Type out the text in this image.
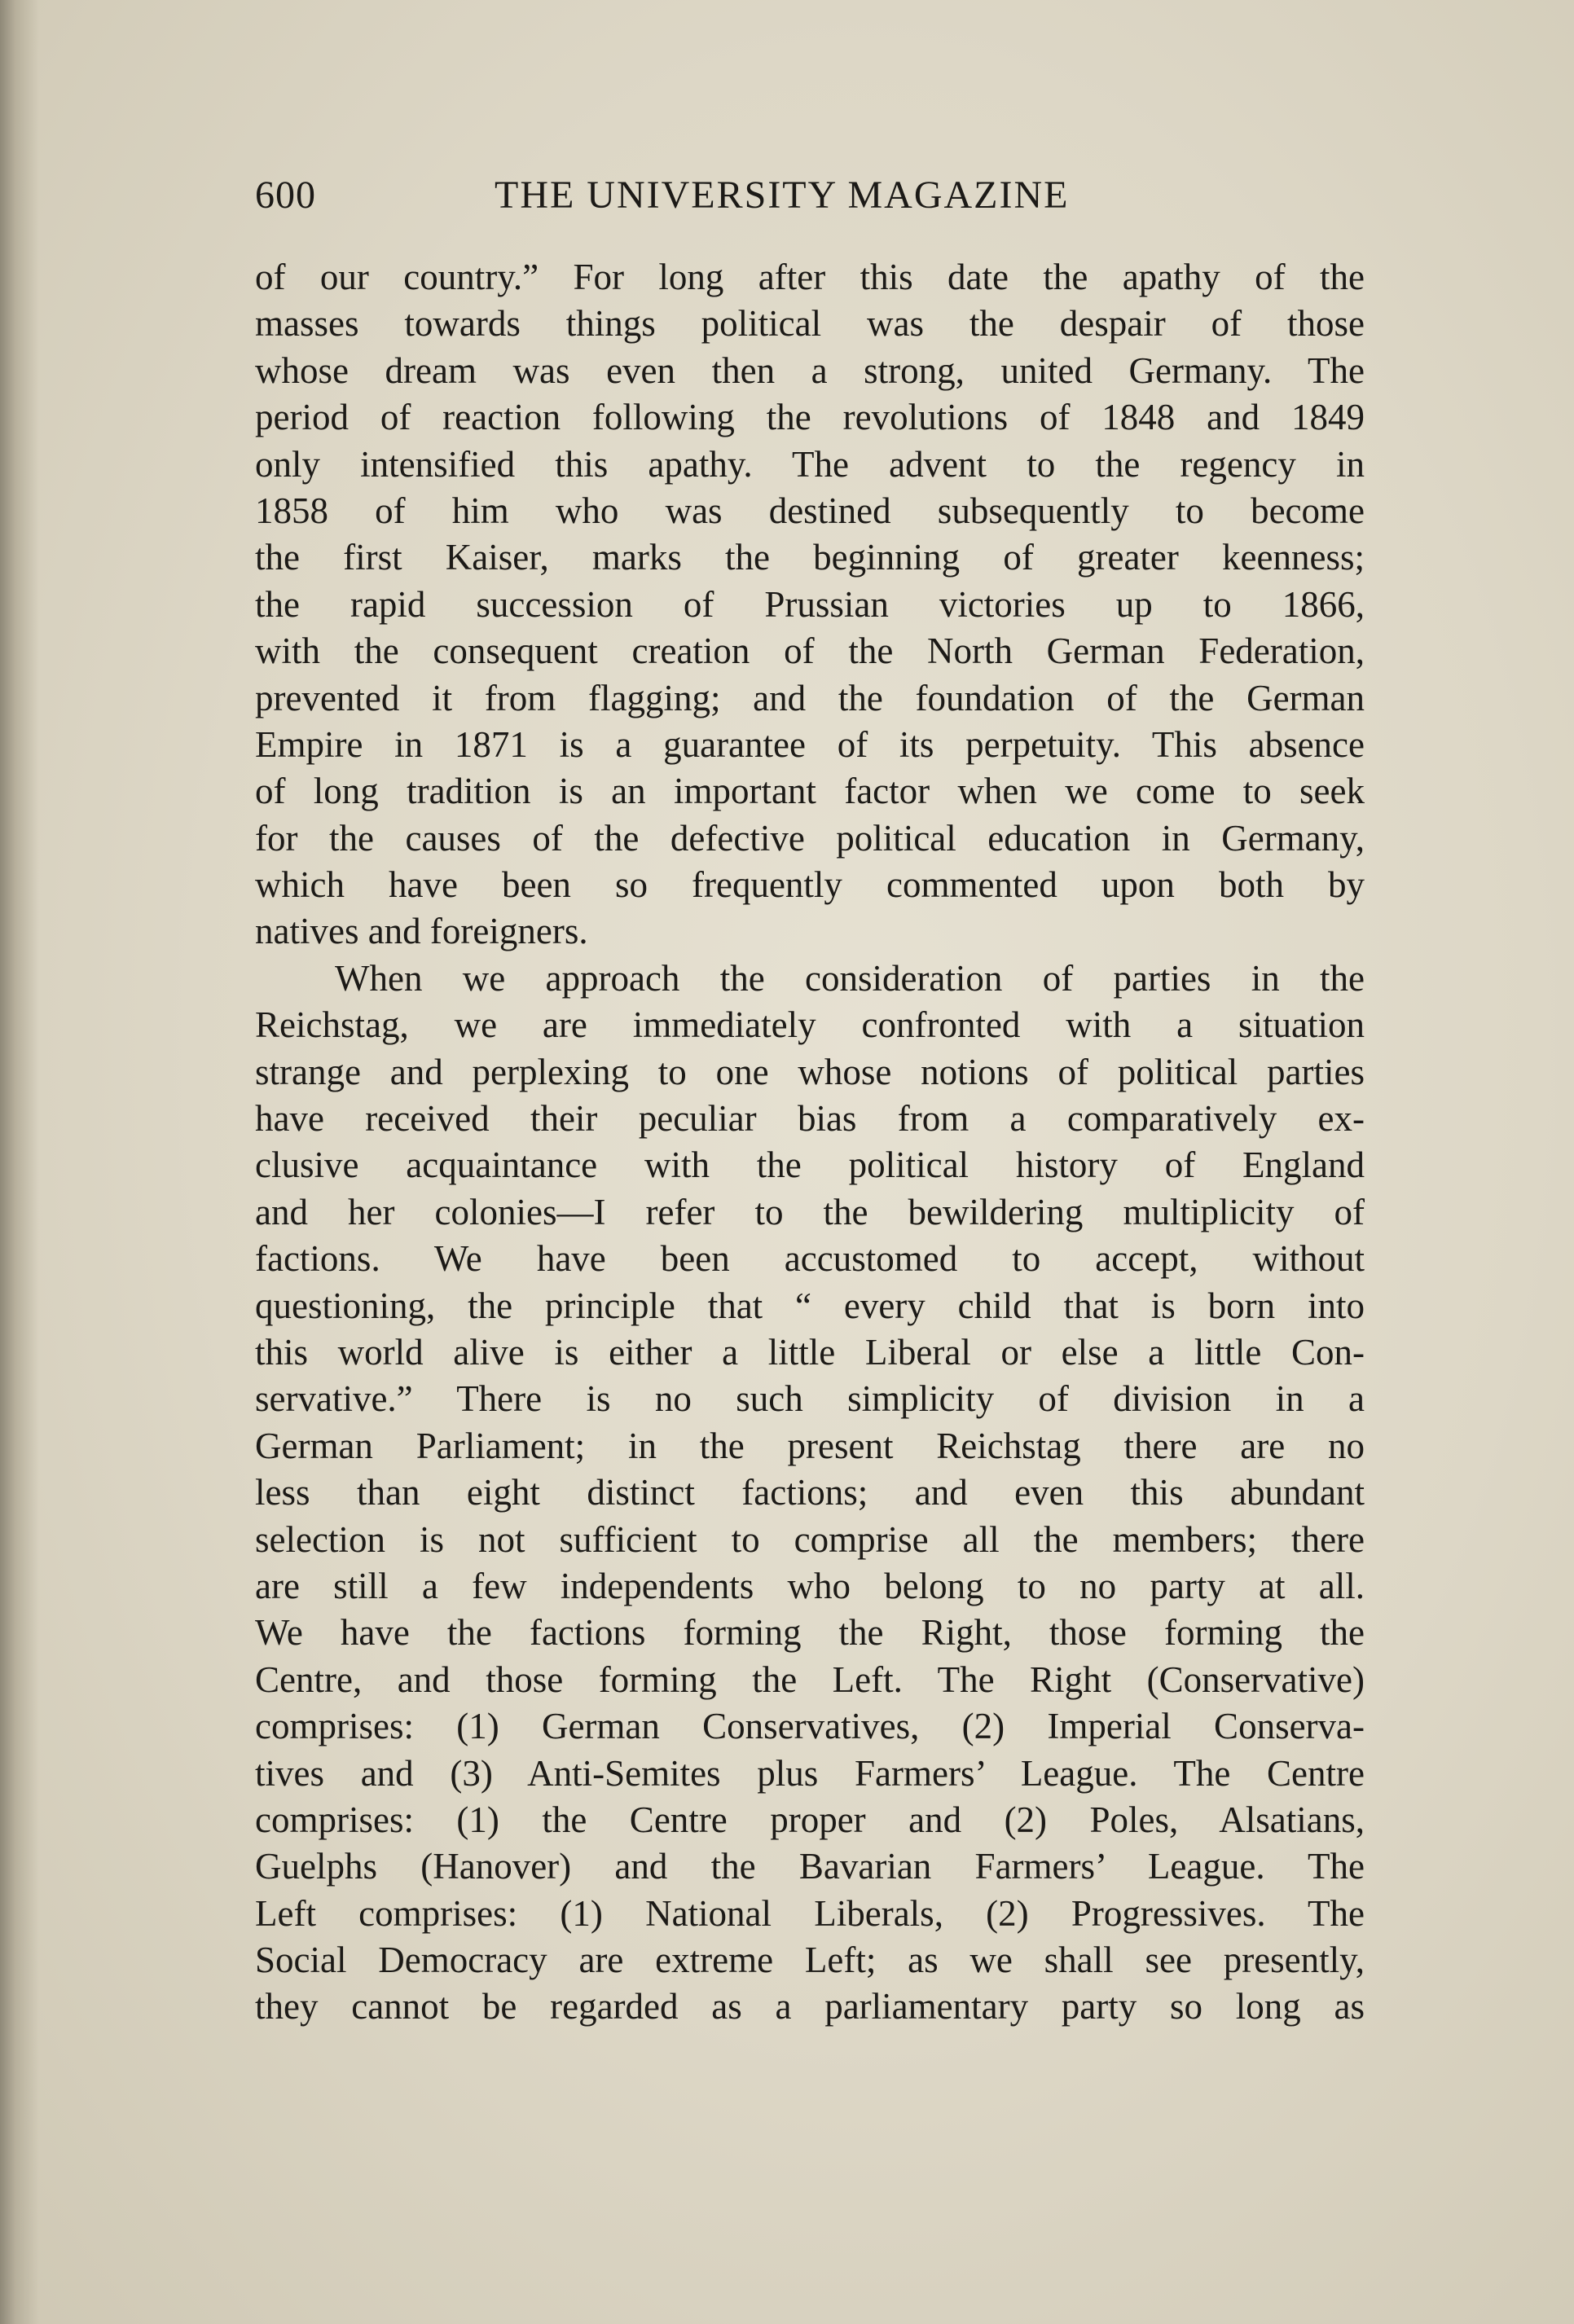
600	THE UNIVERSITY MAGAZINE
of our country.” For long after this date the apathy of the
masses towards things political was the despair of those
whose dream was even then a strong, united Germany. The
period of reaction following the revolutions of 1848 and 1849
only intensified this apathy. The advent to the regency in
1858 of him who was destined subsequently to become
the first Kaiser, marks the beginning of greater keenness;
the rapid succession of Prussian victories up to 1866,
with the consequent creation of the North German Federation,
prevented it from flagging; and the foundation of the German
Empire in 1871 is a guarantee of its perpetuity. This absence
of long tradition is an important factor when we come to seek
for the causes of the defective political education in Germany,
which have been so frequently commented upon both by
natives and foreigners.
When we approach the consideration of parties in the
Reichstag, we are immediately confronted with a situation
strange and perplexing to one whose notions of political parties
have received their peculiar bias from a comparatively ex-
clusive acquaintance with the political history of England
and her colonies—I refer to the bewildering multiplicity of
factions. We have been accustomed to accept, without
questioning, the principle that “ every child that is born into
this world alive is either a little Liberal or else a little Con-
servative.” There is no such simplicity of division in a
German Parliament; in the present Reichstag there are no
less than eight distinct factions; and even this abundant
selection is not sufficient to comprise all the members; there
are still a few independents who belong to no party at all.
We have the factions forming the Right, those forming the
Centre, and those forming the Left. The Right (Conservative)
comprises: (1) German Conservatives, (2) Imperial Conserva-
tives and (3) Anti-Semites plus Farmers’ League. The Centre
comprises: (1) the Centre proper and (2) Poles, Alsatians,
Guelphs (Hanover) and the Bavarian Farmers’ League. The
Left comprises: (1) National Liberals, (2) Progressives. The
Social Democracy are extreme Left; as we shall see presently,
they cannot be regarded as a parliamentary party so long as
